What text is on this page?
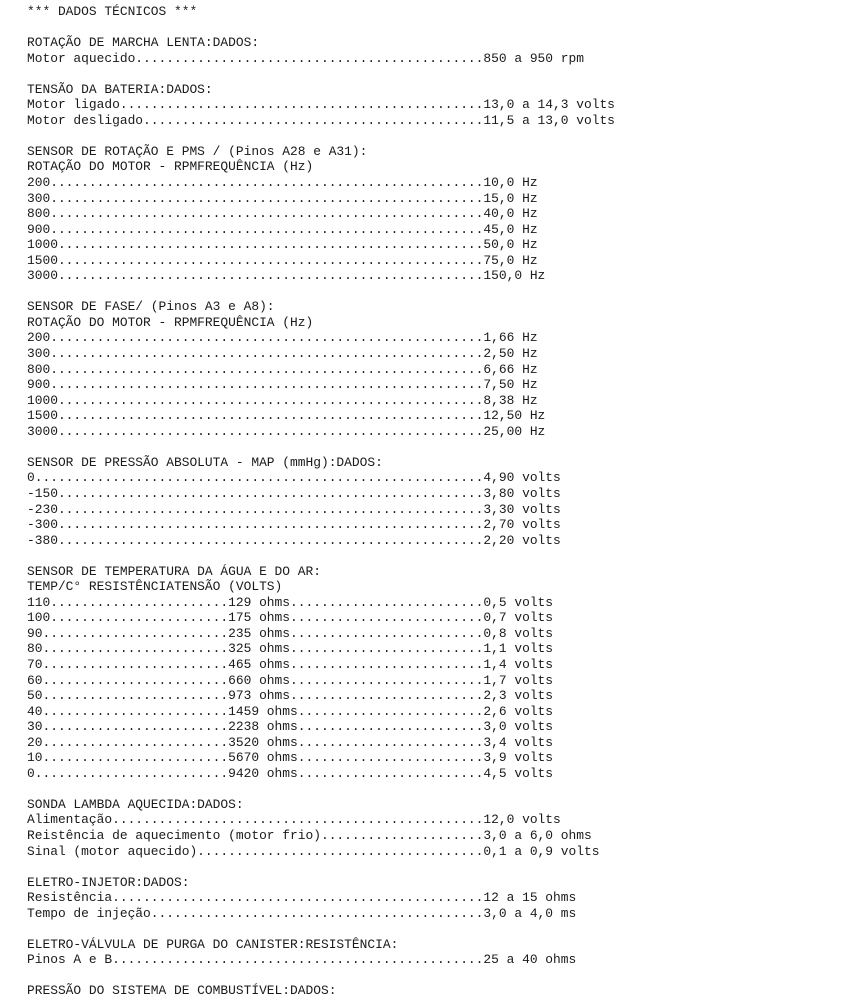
*** DADOS TÉCNICOS ***
ROTAÇÃO DE MARCHA LENTA:DADOS:
Motor aquecido.............................................850 a 950 rpm
TENSÃO DA BATERIA:DADOS:
Motor ligado...............................................13,0 a 14,3 volts
Motor desligado............................................11,5 a 13,0 volts
SENSOR DE ROTAÇÃO E PMS / (Pinos A28 e A31):
ROTAÇÃO DO MOTOR - RPMFREQUÊNCIA (Hz)
200........................................................10,0 Hz
300........................................................15,0 Hz
800........................................................40,0 Hz
900........................................................45,0 Hz
1000.......................................................50,0 Hz
1500.......................................................75,0 Hz
3000.......................................................150,0 Hz
SENSOR DE FASE/ (Pinos A3 e A8):
ROTAÇÃO DO MOTOR - RPMFREQUÊNCIA (Hz)
200........................................................1,66 Hz
300........................................................2,50 Hz
800........................................................6,66 Hz
900........................................................7,50 Hz
1000.......................................................8,38 Hz
1500.......................................................12,50 Hz
3000.......................................................25,00 Hz
SENSOR DE PRESSÃO ABSOLUTA - MAP (mmHg):DADOS:
0..........................................................4,90 volts
-150.......................................................3,80 volts
-230.......................................................3,30 volts
-300.......................................................2,70 volts
-380.......................................................2,20 volts
SENSOR DE TEMPERATURA DA ÁGUA E DO AR:
TEMP/C° RESISTÊNCIATENSÃO (VOLTS)
110.......................129 ohms.........................0,5 volts
100.......................175 ohms.........................0,7 volts
90........................235 ohms.........................0,8 volts
80........................325 ohms.........................1,1 volts
70........................465 ohms.........................1,4 volts
60........................660 ohms.........................1,7 volts
50........................973 ohms.........................2,3 volts
40........................1459 ohms........................2,6 volts
30........................2238 ohms........................3,0 volts
20........................3520 ohms........................3,4 volts
10........................5670 ohms........................3,9 volts
0.........................9420 ohms........................4,5 volts
SONDA LAMBDA AQUECIDA:DADOS:
Alimentação................................................12,0 volts
Reistência de aquecimento (motor frio).....................3,0 a 6,0 ohms
Sinal (motor aquecido).....................................0,1 a 0,9 volts
ELETRO-INJETOR:DADOS:
Resistência................................................12 a 15 ohms
Tempo de injeção...........................................3,0 a 4,0 ms
ELETRO-VÁLVULA DE PURGA DO CANISTER:RESISTÊNCIA:
Pinos A e B................................................25 a 40 ohms
PRESSÃO DO SISTEMA DE COMBUSTÍVEL:DADOS:
